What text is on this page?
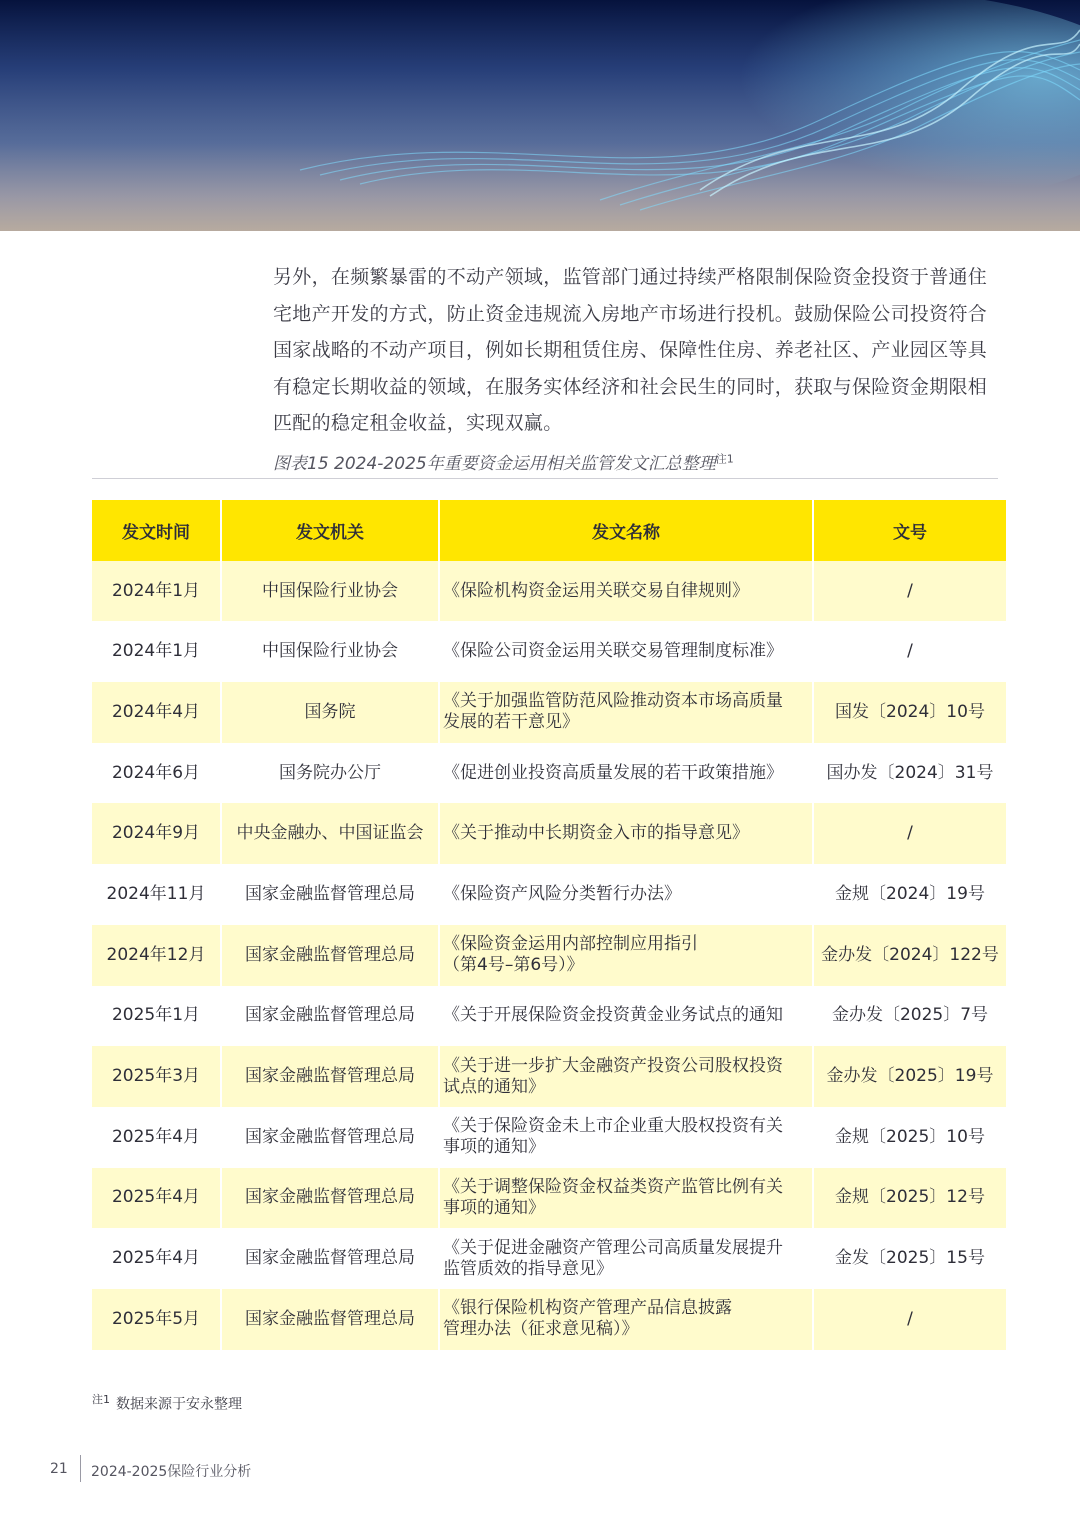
另外，在频繁暴雷的不动产领域，监管部门通过持续严格限制保险资金投资于普通住宅地产开发的方式，防止资金违规流入房地产市场进行投机。鼓励保险公司投资符合国家战略的不动产项目，例如长期租赁住房、保障性住房、养老社区、产业园区等具有稳定长期收益的领域，在服务实体经济和社会民生的同时，获取与保险资金期限相匹配的稳定租金收益，实现双赢。

图表15 2024-2025年重要资金运用相关监管发文汇总整理$^{注1}$
发文时间	发文机关	发文名称	文号
2024年1月	中国保险行业协会	《保险机构资金运用关联交易自律规则》	/
2024年1月	中国保险行业协会	《保险公司资金运用关联交易管理制度标准》	/
2024年4月	国务院	《关于加强监管防范风险推动资本市场高质量
发展的若干意见》	国发〔2024〕10号
2024年6月	国务院办公厅	《促进创业投资高质量发展的若干政策措施》	国办发〔2024〕31号
2024年9月	中央金融办、中国证监会	《关于推动中长期资金入市的指导意见》	/
2024年11月	国家金融监督管理总局	《保险资产风险分类暂行办法》	金规〔2024〕19号
2024年12月	国家金融监督管理总局	《保险资金运用内部控制应用指引
（第4号–第6号）》	金办发〔2024〕122号
2025年1月	国家金融监督管理总局	《关于开展保险资金投资黄金业务试点的通知	金办发〔2025〕7号
2025年3月	国家金融监督管理总局	《关于进一步扩大金融资产投资公司股权投资
试点的通知》	金办发〔2025〕19号
2025年4月	国家金融监督管理总局	《关于保险资金未上市企业重大股权投资有关
事项的通知》	金规〔2025〕10号
2025年4月	国家金融监督管理总局	《关于调整保险资金权益类资产监管比例有关
事项的通知》	金规〔2025〕12号
2025年4月	国家金融监督管理总局	《关于促进金融资产管理公司高质量发展提升
监管质效的指导意见》	金发〔2025〕15号
2025年5月	国家金融监督管理总局	《银行保险机构资产管理产品信息披露
管理办法（征求意见稿）》	/
$^{注1}$ 数据来源于安永整理
21 2024-2025保险行业分析
